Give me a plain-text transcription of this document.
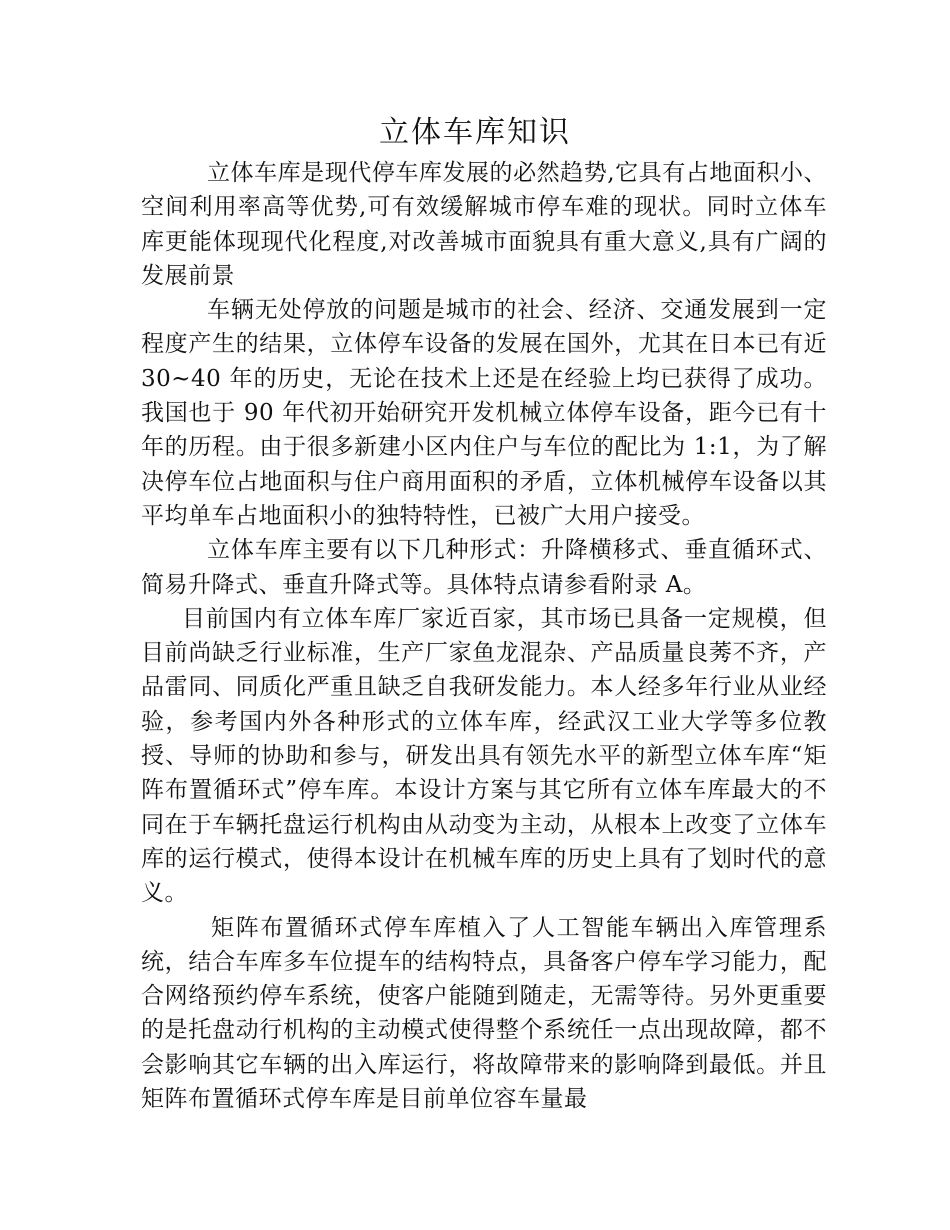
立体车库知识

立体车库是现代停车库发展的必然趋势,它具有占地面积小、空间利用率高等优势,可有效缓解城市停车难的现状。同时立体车库更能体现现代化程度,对改善城市面貌具有重大意义,具有广阔的发展前景

车辆无处停放的问题是城市的社会、经济、交通发展到一定程度产生的结果，立体停车设备的发展在国外，尤其在日本已有近 30~40 年的历史，无论在技术上还是在经验上均已获得了成功。我国也于 90 年代初开始研究开发机械立体停车设备，距今已有十年的历程。由于很多新建小区内住户与车位的配比为 1:1，为了解决停车位占地面积与住户商用面积的矛盾，立体机械停车设备以其平均单车占地面积小的独特特性，已被广大用户接受。

立体车库主要有以下几种形式：升降横移式、垂直循环式、简易升降式、垂直升降式等。具体特点请参看附录 A。

目前国内有立体车库厂家近百家，其市场已具备一定规模，但目前尚缺乏行业标准，生产厂家鱼龙混杂、产品质量良莠不齐，产品雷同、同质化严重且缺乏自我研发能力。本人经多年行业从业经验，参考国内外各种形式的立体车库，经武汉工业大学等多位教授、导师的协助和参与，研发出具有领先水平的新型立体车库“矩阵布置循环式”停车库。本设计方案与其它所有立体车库最大的不同在于车辆托盘运行机构由从动变为主动，从根本上改变了立体车库的运行模式，使得本设计在机械车库的历史上具有了划时代的意义。

矩阵布置循环式停车库植入了人工智能车辆出入库管理系统，结合车库多车位提车的结构特点，具备客户停车学习能力，配合网络预约停车系统，使客户能随到随走，无需等待。另外更重要的是托盘动行机构的主动模式使得整个系统任一点出现故障，都不会影响其它车辆的出入库运行，将故障带来的影响降到最低。并且矩阵布置循环式停车库是目前单位容车量最
